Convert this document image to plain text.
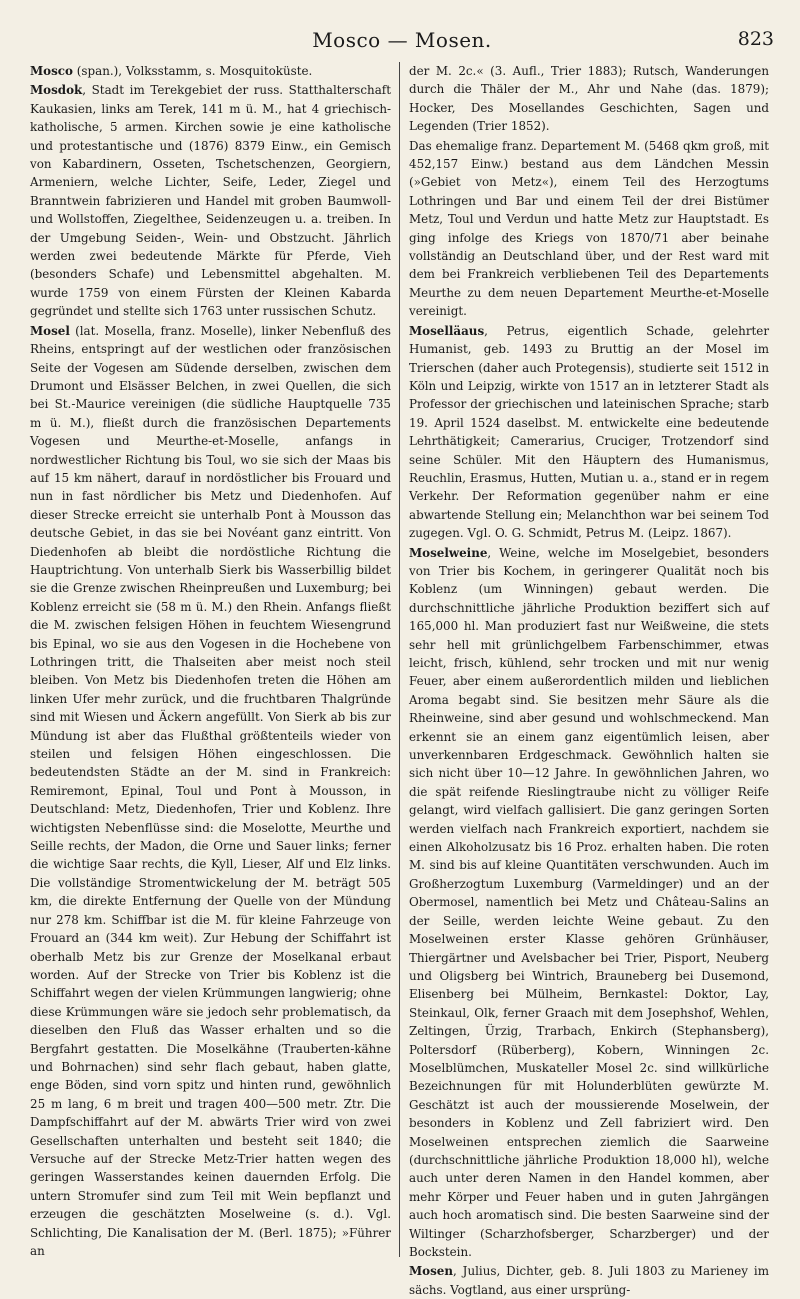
Mosco — Mosen.	823

Mosco (span.), Volksstamm, s. Mosquitoküste.

Mosdok, Stadt im Terekgebiet der russ. Statthalterschaft Kaukasien, links am Terek, 141 m ü. M., hat 4 griechisch-katholische, 5 armen. Kirchen sowie je eine katholische und protestantische und (1876) 8379 Einw., ein Gemisch von Kabardinern, Osseten, Tschetschenzen, Georgiern, Armeniern, welche Lichter, Seife, Leder, Ziegel und Branntwein fabrizieren und Handel mit groben Baumwoll- und Wollstoffen, Ziegelthee, Seidenzeugen u. a. treiben. In der Umgebung Seiden-, Wein- und Obstzucht. Jährlich werden zwei bedeutende Märkte für Pferde, Vieh (besonders Schafe) und Lebensmittel abgehalten. M. wurde 1759 von einem Fürsten der Kleinen Kabarda gegründet und stellte sich 1763 unter russischen Schutz.

Mosel (lat. Mosella, franz. Moselle), linker Nebenfluß des Rheins, entspringt auf der westlichen oder französischen Seite der Vogesen am Südende derselben, zwischen dem Drumont und Elsässer Belchen, in zwei Quellen, die sich bei St.-Maurice vereinigen (die südliche Hauptquelle 735 m ü. M.), fließt durch die französischen Departements Vogesen und Meurthe-et-Moselle, anfangs in nordwestlicher Richtung bis Toul, wo sie sich der Maas bis auf 15 km nähert, darauf in nordöstlicher bis Frouard und nun in fast nördlicher bis Metz und Diedenhofen. Auf dieser Strecke erreicht sie unterhalb Pont à Mousson das deutsche Gebiet, in das sie bei Novéant ganz eintritt. Von Diedenhofen ab bleibt die nordöstliche Richtung die Hauptrichtung. Von unterhalb Sierk bis Wasserbillig bildet sie die Grenze zwischen Rheinpreußen und Luxemburg; bei Koblenz erreicht sie (58 m ü. M.) den Rhein. Anfangs fließt die M. zwischen felsigen Höhen in feuchtem Wiesengrund bis Epinal, wo sie aus den Vogesen in die Hochebene von Lothringen tritt, die Thalseiten aber meist noch steil bleiben. Von Metz bis Diedenhofen treten die Höhen am linken Ufer mehr zurück, und die fruchtbaren Thalgründe sind mit Wiesen und Äckern angefüllt. Von Sierk ab bis zur Mündung ist aber das Flußthal größtenteils wieder von steilen und felsigen Höhen eingeschlossen. Die bedeutendsten Städte an der M. sind in Frankreich: Remiremont, Epinal, Toul und Pont à Mousson, in Deutschland: Metz, Diedenhofen, Trier und Koblenz. Ihre wichtigsten Nebenflüsse sind: die Moselotte, Meurthe und Seille rechts, der Madon, die Orne und Sauer links; ferner die wichtige Saar rechts, die Kyll, Lieser, Alf und Elz links. Die vollständige Stromentwickelung der M. beträgt 505 km, die direkte Entfernung der Quelle von der Mündung nur 278 km. Schiffbar ist die M. für kleine Fahrzeuge von Frouard an (344 km weit). Zur Hebung der Schiffahrt ist oberhalb Metz bis zur Grenze der Moselkanal erbaut worden. Auf der Strecke von Trier bis Koblenz ist die Schiffahrt wegen der vielen Krümmungen langwierig; ohne diese Krümmungen wäre sie jedoch sehr problematisch, da dieselben den Fluß das Wasser erhalten und so die Bergfahrt gestatten. Die Moselkähne (Trauberten-kähne und Bohrnachen) sind sehr flach gebaut, haben glatte, enge Böden, sind vorn spitz und hinten rund, gewöhnlich 25 m lang, 6 m breit und tragen 400—500 metr. Ztr. Die Dampfschiffahrt auf der M. abwärts Trier wird von zwei Gesellschaften unterhalten und besteht seit 1840; die Versuche auf der Strecke Metz-Trier hatten wegen des geringen Wasserstandes keinen dauernden Erfolg. Die untern Stromufer sind zum Teil mit Wein bepflanzt und erzeugen die geschätzten Moselweine (s. d.). Vgl. Schlichting, Die Kanalisation der M. (Berl. 1875); »Führer an

der M. 2c.« (3. Aufl., Trier 1883); Rutsch, Wanderungen durch die Thäler der M., Ahr und Nahe (das. 1879); Hocker, Des Mosellandes Geschichten, Sagen und Legenden (Trier 1852).

Das ehemalige franz. Departement M. (5468 qkm groß, mit 452,157 Einw.) bestand aus dem Ländchen Messin (»Gebiet von Metz«), einem Teil des Herzogtums Lothringen und Bar und einem Teil der drei Bistümer Metz, Toul und Verdun und hatte Metz zur Hauptstadt. Es ging infolge des Kriegs von 1870/71 aber beinahe vollständig an Deutschland über, und der Rest ward mit dem bei Frankreich verbliebenen Teil des Departements Meurthe zu dem neuen Departement Meurthe-et-Moselle vereinigt.

Moselläaus, Petrus, eigentlich Schade, gelehrter Humanist, geb. 1493 zu Bruttig an der Mosel im Trierschen (daher auch Protegensis), studierte seit 1512 in Köln und Leipzig, wirkte von 1517 an in letzterer Stadt als Professor der griechischen und lateinischen Sprache; starb 19. April 1524 daselbst. M. entwickelte eine bedeutende Lehrthätigkeit; Camerarius, Cruciger, Trotzendorf sind seine Schüler. Mit den Häuptern des Humanismus, Reuchlin, Erasmus, Hutten, Mutian u. a., stand er in regem Verkehr. Der Reformation gegenüber nahm er eine abwartende Stellung ein; Melanchthon war bei seinem Tod zugegen. Vgl. O. G. Schmidt, Petrus M. (Leipz. 1867).

Moselweine, Weine, welche im Moselgebiet, besonders von Trier bis Kochem, in geringerer Qualität noch bis Koblenz (um Winningen) gebaut werden. Die durchschnittliche jährliche Produktion beziffert sich auf 165,000 hl. Man produziert fast nur Weißweine, die stets sehr hell mit grünlichgelbem Farbenschimmer, etwas leicht, frisch, kühlend, sehr trocken und mit nur wenig Feuer, aber einem außerordentlich milden und lieblichen Aroma begabt sind. Sie besitzen mehr Säure als die Rheinweine, sind aber gesund und wohlschmeckend. Man erkennt sie an einem ganz eigentümlich leisen, aber unverkennbaren Erdgeschmack. Gewöhnlich halten sie sich nicht über 10—12 Jahre. In gewöhnlichen Jahren, wo die spät reifende Rieslingtraube nicht zu völliger Reife gelangt, wird vielfach gallisiert. Die ganz geringen Sorten werden vielfach nach Frankreich exportiert, nachdem sie einen Alkoholzusatz bis 16 Proz. erhalten haben. Die roten M. sind bis auf kleine Quantitäten verschwunden. Auch im Großherzogtum Luxemburg (Varmeldinger) und an der Obermosel, namentlich bei Metz und Château-Salins an der Seille, werden leichte Weine gebaut. Zu den Moselweinen erster Klasse gehören Grünhäuser, Thiergärtner und Avelsbacher bei Trier, Pisport, Neuberg und Oligsberg bei Wintrich, Brauneberg bei Dusemond, Elisenberg bei Mülheim, Bernkastel: Doktor, Lay, Steinkaul, Olk, ferner Graach mit dem Josephshof, Wehlen, Zeltingen, Ürzig, Trarbach, Enkirch (Stephansberg), Poltersdorf (Rüberberg), Kobern, Winningen 2c. Moselblümchen, Muskateller Mosel 2c. sind willkürliche Bezeichnungen für mit Holunderblüten gewürzte M. Geschätzt ist auch der moussierende Moselwein, der besonders in Koblenz und Zell fabriziert wird. Den Moselweinen entsprechen ziemlich die Saarweine (durchschnittliche jährliche Produktion 18,000 hl), welche auch unter deren Namen in den Handel kommen, aber mehr Körper und Feuer haben und in guten Jahrgängen auch hoch aromatisch sind. Die besten Saarweine sind der Wiltinger (Scharzhofsberger, Scharzberger) und der Bockstein.

Mosen, Julius, Dichter, geb. 8. Juli 1803 zu Marieney im sächs. Vogtland, aus einer ursprüng-
